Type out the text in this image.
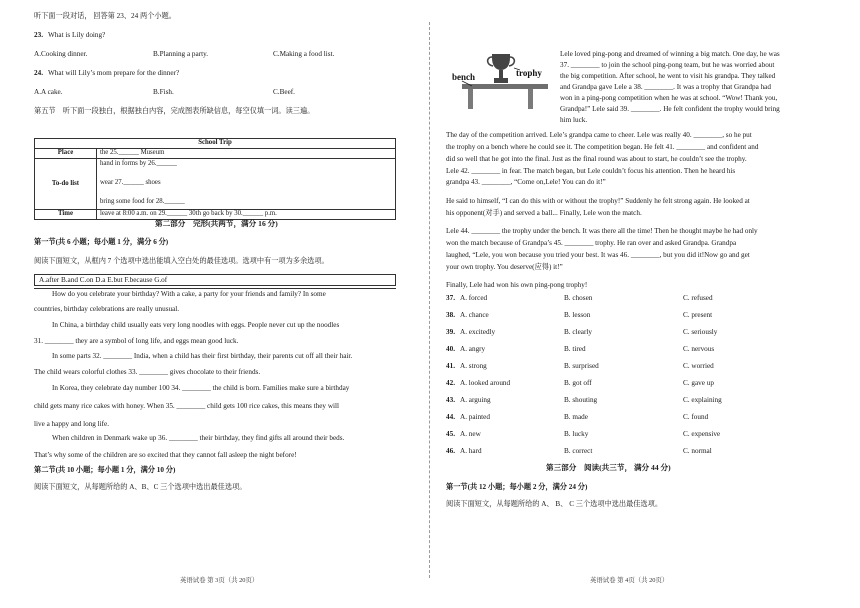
听下面一段对话， 回答第 23、24 两个小题。
23. What is Lily doing?
A.Cooking dinner.	B.Planning a party.	C.Making a food list.
24. What will Lily’s mom prepare for the dinner?
A.A cake.	B.Fish.	C.Beef.
第五节　听下面一段独白，根据独白内容，完成图表所缺信息，每空仅填一词。读三遍。
School Trip	
Place	the 25.______ Museum
To-do list	hand in forms by 26.______
wear 27.______ shoes
bring some food for 28.______

Time	leave at 8:00 a.m. on 29.______ 30th go back by 30.______ p.m.
第二部分　完形(共两节，满分 16 分)
第一节(共 6 小题；每小题 1 分，满分 6 分)
阅读下面短文，从框内 7 个选项中选出能填入空白处的最佳选项。选项中有一项为多余选项。
A.after B.and C.on D.a E.but F.because G.of
How do you celebrate your birthday? With a cake, a party for your friends and family? In some
countries, birthday celebrations are really unusual.
In China, a birthday child usually eats very long noodles with eggs. People never cut up the noodles
31. ________ they are a symbol of long life, and eggs mean good luck.
In some parts 32. ________ India, when a child has their first birthday, their parents cut off all their hair.
The child wears colorful clothes 33. ________ gives chocolate to their friends.
In Korea, they celebrate day number 100 34. ________ the child is born. Families make sure a birthday
child gets many rice cakes with honey. When 35. ________ child gets 100 rice cakes, this means they will
live a happy and long life.
When children in Denmark wake up 36. ________ their birthday, they find gifts all around their beds.
That’s why some of the children are so excited that they cannot fall asleep the night before!
第二节(共 10 小题；每小题 1 分，满分 10 分)
阅读下面短文，从每题所给的 A、B、C 三个选项中选出最佳选项。
英语试卷 第 3页（共 20页）
trophy
bench
Lele loved ping-pong and dreamed of winning a big match. One day, he was
37. ________ to join the school ping-pong team, but he was worried about
the big competition. After school, he went to visit his grandpa. They talked
and Grandpa gave Lele a 38. ________. It was a trophy that Grandpa had
won in a ping-pong competition when he was at school. “Wow! Thank you,
Grandpa!” Lele said 39. ________. He felt confident the trophy would bring
him luck.
The day of the competition arrived. Lele’s grandpa came to cheer. Lele was really 40. ________, so he put
the trophy on a bench where he could see it. The competition began. He felt 41. ________ and confident and
did so well that he got into the final. Just as the final round was about to start, he couldn’t see the trophy.
Lele 42. ________ in fear. The match began, but Lele couldn’t focus his attention. Then he heard his
grandpa 43. ________, “Come on,Lele! You can do it!”
He said to himself, “I can do this with or without the trophy!” Suddenly he felt strong again. He looked at
his opponent(对手) and served a ball... Finally, Lele won the match.
Lele 44. ________ the trophy under the bench. It was there all the time! Then he thought maybe he had only
won the match because of Grandpa’s 45. ________ trophy. He ran over and asked Grandpa. Grandpa
laughed, “Lele, you won because you tried your best. It was 46. ________, but you did it!Now go and get
your own trophy. You deserve(应得) it!”
Finally, Lele had won his own ping-pong trophy!
37. A. forced	B. chosen	C. refused
38. A. chance	B. lesson	C. present
39. A. excitedly	B. clearly	C. seriously
40. A. angry	B. tired	C. nervous
41. A. strong	B. surprised	C. worried
42. A. looked around	B. got off	C. gave up
43. A. arguing	B. shouting	C. explaining
44. A. painted	B. made	C. found
45. A. new	B. lucky	C. expensive
46. A. hard	B. correct	C. normal
第三部分　阅读(共三节， 满分 44 分)
第一节(共 12 小题；每小题 2 分，满分 24 分)
阅读下面短文，从每题所给的 A、 B、 C 三个选项中选出最佳选项。
英语试卷 第 4页（共 20页）
